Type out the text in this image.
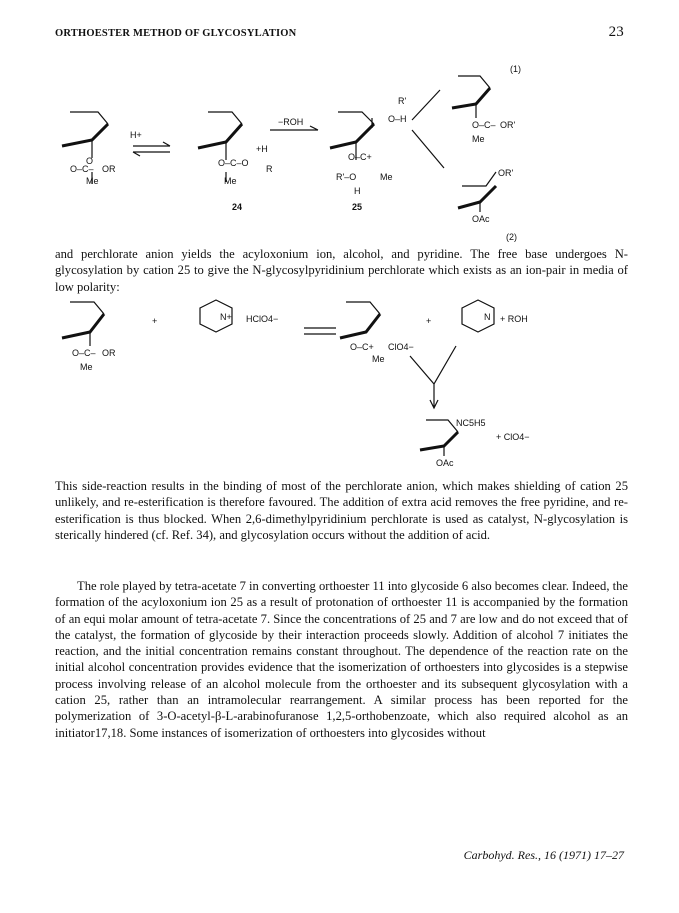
ORTHOESTER METHOD OF GLYCOSYLATION	23
H+
O
O–C– OR
Me
−ROH
O–C–O
+H
R
Me
24
R'
O–H
O–C+
R'–O	Me
H
25
(1)
O–C– OR'
Me
OR'
OAc
(2)

and perchlorate anion yields the acyloxonium ion, alcohol, and pyridine. The free base undergoes N-glycosylation by cation 25 to give the N-glycosylpyridinium perchlorate which exists as an ion-pair in media of low polarity:

+	N+ HClO4−
O–C– OR
Me
O–C+ ClO4−
Me
+	N + ROH
NC5H5
+ ClO4−
OAc

This side-reaction results in the binding of most of the perchlorate anion, which makes shielding of cation 25 unlikely, and re-esterification is therefore favoured. The addition of extra acid removes the free pyridine, and re-esterification is thus blocked. When 2,6-dimethylpyridinium perchlorate is used as catalyst, N-glycosylation is sterically hindered (cf. Ref. 34), and glycosylation occurs without the addition of acid.

The role played by tetra-acetate 7 in converting orthoester 11 into glycoside 6 also becomes clear. Indeed, the formation of the acyloxonium ion 25 as a result of protonation of orthoester 11 is accompanied by the formation of an equi molar amount of tetra-acetate 7. Since the concentrations of 25 and 7 are low and do not exceed that of the catalyst, the formation of glycoside by their interaction proceeds slowly. Addition of alcohol 7 initiates the reaction, and the initial concentration remains constant throughout. The dependence of the reaction rate on the initial alcohol concentration provides evidence that the isomerization of orthoesters into glycosides is a stepwise process involving release of an alcohol molecule from the orthoester and its subsequent glycosylation with a cation 25, rather than an intramolecular rearrangement. A similar process has been reported for the polymerization of 3-O-acetyl-β-L-arabinofuranose 1,2,5-orthobenzoate, which also required alcohol as an initiator17,18. Some instances of isomerization of orthoesters into glycosides without

Carbohyd. Res., 16 (1971) 17–27
